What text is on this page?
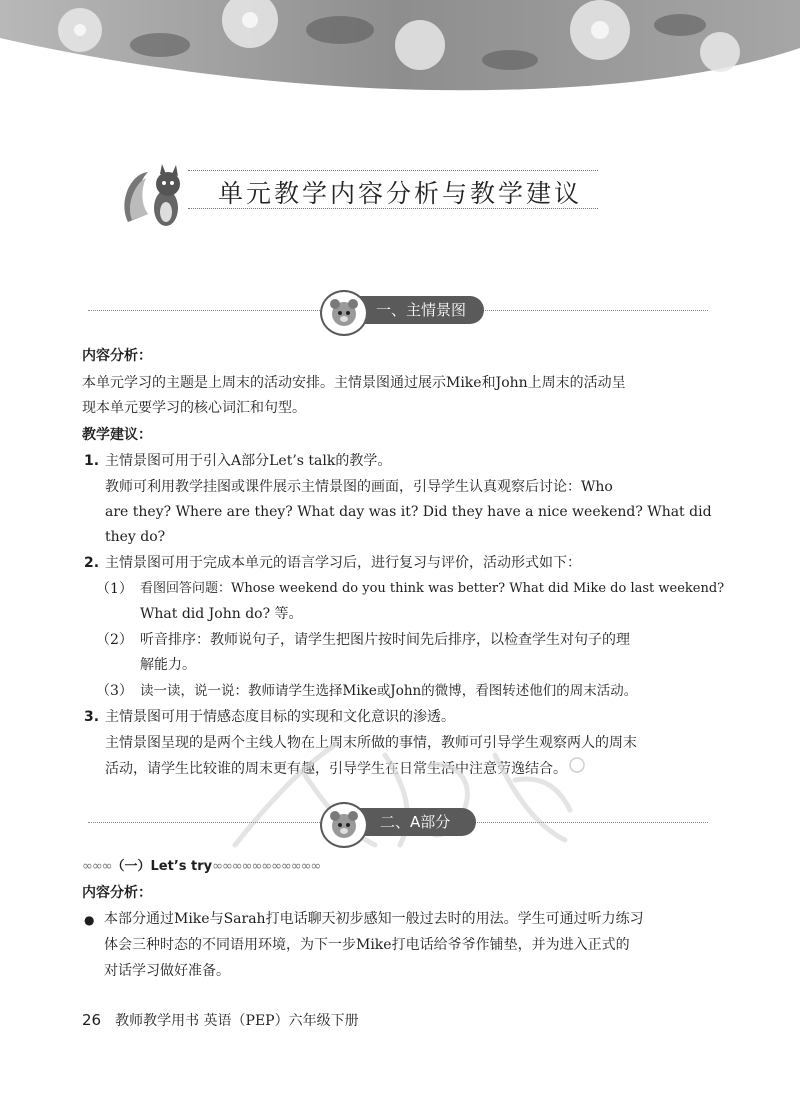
单元教学内容分析与教学建议
一、主情景图
内容分析：
本单元学习的主题是上周末的活动安排。主情景图通过展示Mike和John上周末的活动呈
现本单元要学习的核心词汇和句型。
教学建议：
1. 主情景图可用于引入A部分Let’s talk的教学。
教师可利用教学挂图或课件展示主情景图的画面，引导学生认真观察后讨论：Who
are they? Where are they? What day was it? Did they have a nice weekend? What did
they do?
2. 主情景图可用于完成本单元的语言学习后，进行复习与评价，活动形式如下：
（1） 看图回答问题：Whose weekend do you think was better? What did Mike do last weekend?
What did John do? 等。
（2） 听音排序：教师说句子，请学生把图片按时间先后排序，以检查学生对句子的理
解能力。
（3） 读一读，说一说：教师请学生选择Mike或John的微博，看图转述他们的周末活动。
3. 主情景图可用于情感态度目标的实现和文化意识的渗透。
主情景图呈现的是两个主线人物在上周末所做的事情，教师可引导学生观察两人的周末
活动，请学生比较谁的周末更有趣，引导学生在日常生活中注意劳逸结合。
二、A部分
∞∞∞（一）Let’s try∞∞∞∞∞∞∞∞∞∞∞
内容分析：
● 本部分通过Mike与Sarah打电话聊天初步感知一般过去时的用法。学生可通过听力练习
体会三种时态的不同语用环境，为下一步Mike打电话给爷爷作铺垫，并为进入正式的
对话学习做好准备。
26 教师教学用书 英语（PEP）六年级下册
